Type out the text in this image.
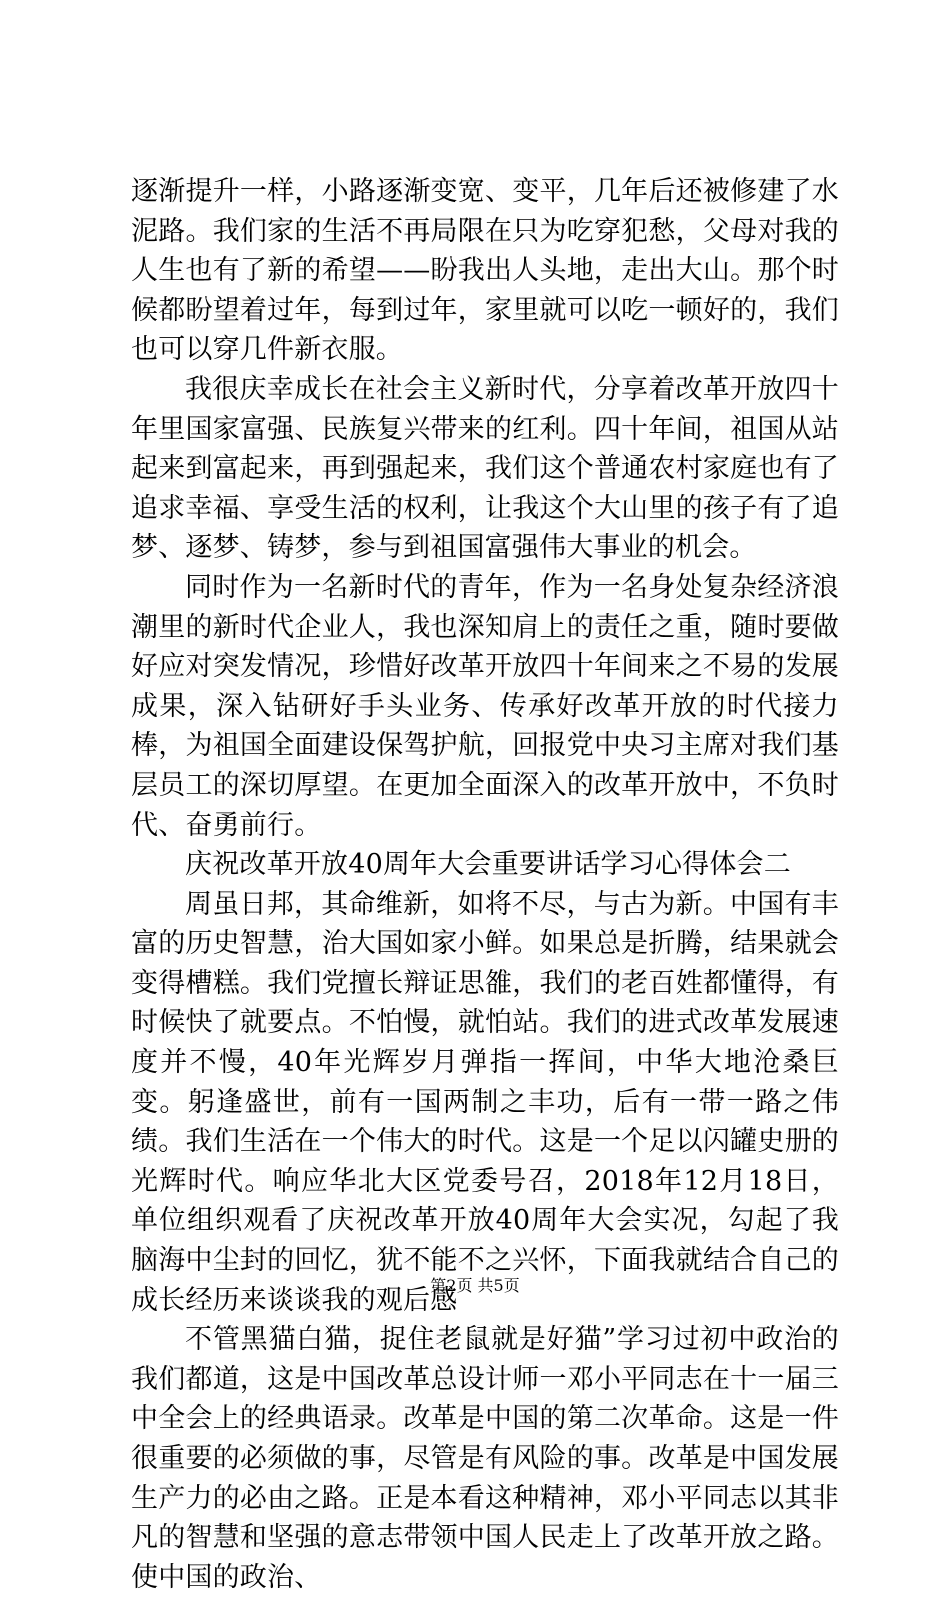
逐渐提升一样，小路逐渐变宽、变平，几年后还被修建了水泥路。我们家的生活不再局限在只为吃穿犯愁，父母对我的人生也有了新的希望——盼我出人头地，走出大山。那个时候都盼望着过年，每到过年，家里就可以吃一顿好的，我们也可以穿几件新衣服。

我很庆幸成长在社会主义新时代，分享着改革开放四十年里国家富强、民族复兴带来的红利。四十年间，祖国从站起来到富起来，再到强起来，我们这个普通农村家庭也有了追求幸福、享受生活的权利，让我这个大山里的孩子有了追梦、逐梦、铸梦，参与到祖国富强伟大事业的机会。

同时作为一名新时代的青年，作为一名身处复杂经济浪潮里的新时代企业人，我也深知肩上的责任之重，随时要做好应对突发情况，珍惜好改革开放四十年间来之不易的发展成果，深入钻研好手头业务、传承好改革开放的时代接力棒，为祖国全面建设保驾护航，回报党中央习主席对我们基层员工的深切厚望。在更加全面深入的改革开放中，不负时代、奋勇前行。

庆祝改革开放40周年大会重要讲话学习心得体会二

周虽日邦，其命维新，如将不尽，与古为新。中国有丰富的历史智慧，治大国如家小鲜。如果总是折腾，结果就会变得槽糕。我们党擅长辩证思雒，我们的老百姓都懂得，有时候快了就要点。不怕慢，就怕站。我们的进式改革发展速度并不慢，40年光辉岁月弹指一挥间，中华大地沧桑巨变。躬逢盛世，前有一国两制之丰功，后有一带一路之伟绩。我们生活在一个伟大的时代。这是一个足以闪罐史册的光辉时代。响应华北大区党委号召，2018年12月18日，单位组织观看了庆祝改革开放40周年大会实况，勾起了我脑海中尘封的回忆，犹不能不之兴怀，下面我就结合自己的成长经历来谈谈我的观后感

不管黑猫白猫，捉住老鼠就是好猫”学习过初中政治的我们都道，这是中国改革总设计师一邓小平同志在十一届三中全会上的经典语录。改革是中国的第二次革命。这是一件很重要的必须做的事，尽管是有风险的事。改革是中国发展生产力的必由之路。正是本看这种精神，邓小平同志以其非凡的智慧和坚强的意志带领中国人民走上了改革开放之路。使中国的政治、

第2页 共5页
